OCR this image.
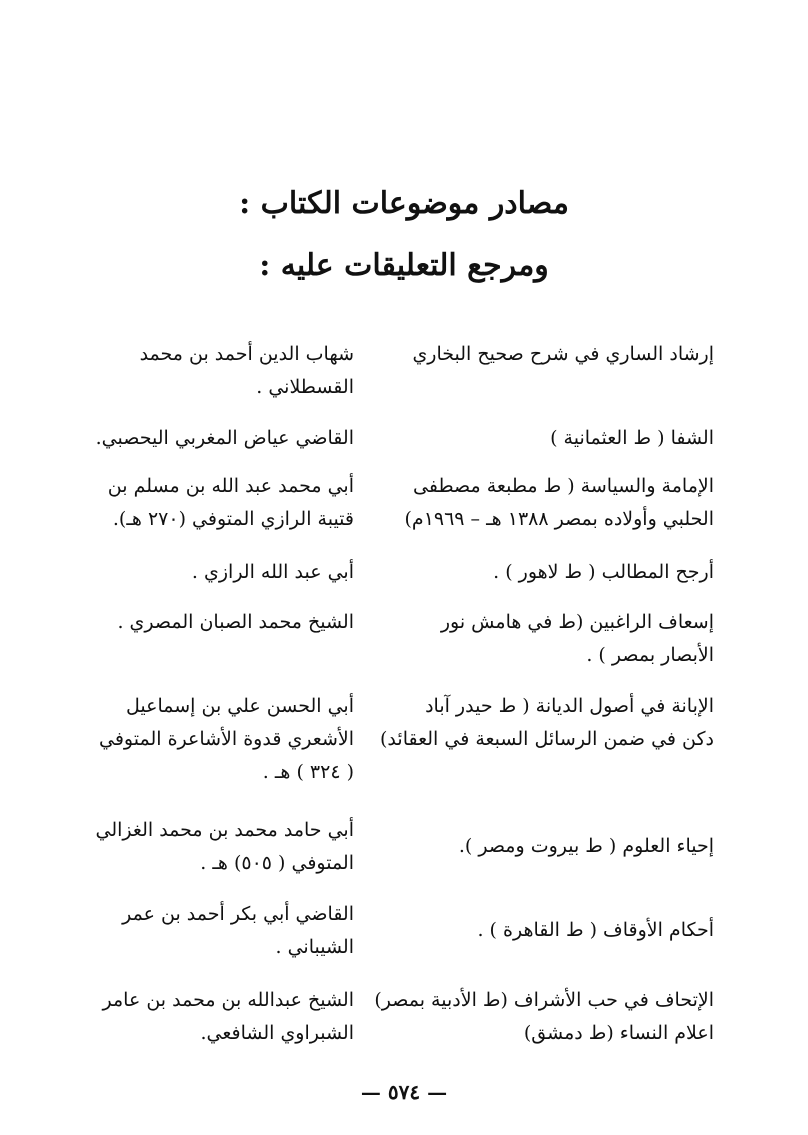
مصادر موضوعات الكتاب :
ومرجع التعليقات عليه :
إرشاد الساري في شرح صحيح البخاري
شهاب الدين أحمد بن محمد
القسطلاني .
الشفا ( ط العثمانية )
القاضي عياض المغربي اليحصبي.
الإمامة والسياسة ( ط مطبعة مصطفى
الحلبي وأولاده بمصر ١٣٨٨ هـ – ١٩٦٩م)
أبي محمد عبد الله بن مسلم بن
قتيبة الرازي المتوفي (٢٧٠ هـ).
أرجح المطالب ( ط لاهور ) .
أبي عبد الله الرازي .
إسعاف الراغبين (ط في هامش نور
الأبصار بمصر ) .
الشيخ محمد الصبان المصري .
الإبانة في أصول الديانة ( ط حيدر آباد
دكن في ضمن الرسائل السبعة في العقائد)
أبي الحسن علي بن إسماعيل
الأشعري قدوة الأشاعرة المتوفي
( ٣٢٤ ) هـ .
إحياء العلوم ( ط بيروت ومصر ).
أبي حامد محمد بن محمد الغزالي
المتوفي ( ٥٠٥) هـ .
أحكام الأوقاف ( ط القاهرة ) .
القاضي أبي بكر أحمد بن عمر
الشيباني .
الإتحاف في حب الأشراف (ط الأدبية بمصر)
اعلام النساء (ط دمشق)
الشيخ عبدالله بن محمد بن عامر
الشبراوي الشافعي.
— ٥٧٤ —
